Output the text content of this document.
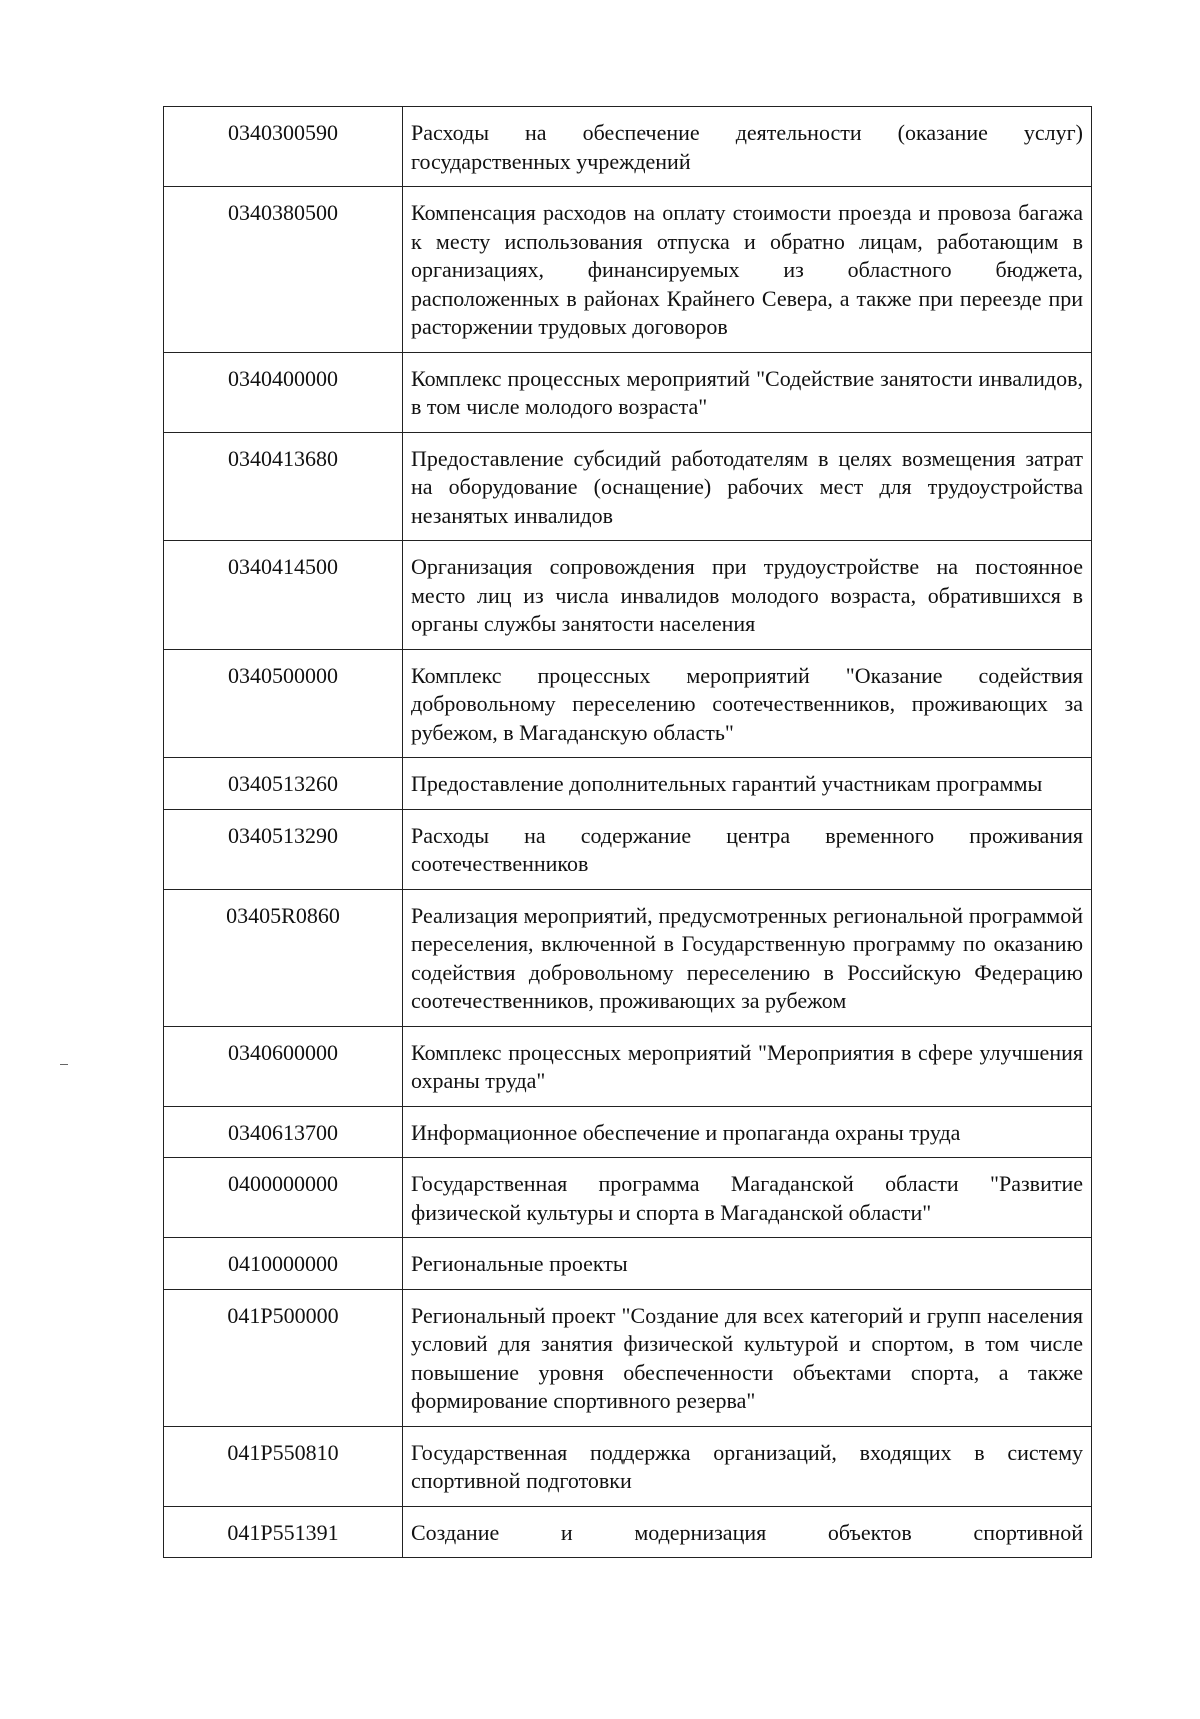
0340300590	Расходы на обеспечение деятельности (оказание услуг) государственных учреждений
0340380500	Компенсация расходов на оплату стоимости проезда и провоза багажа к месту использования отпуска и обратно лицам, работающим в организациях, финансируемых из областного бюджета, расположенных в районах Крайнего Севера, а также при переезде при расторжении трудовых договоров
0340400000	Комплекс процессных мероприятий "Содействие занятости инвалидов, в том числе молодого возраста"
0340413680	Предоставление субсидий работодателям в целях возмещения затрат на оборудование (оснащение) рабочих мест для трудоустройства незанятых инвалидов
0340414500	Организация сопровождения при трудоустройстве на постоянное место лиц из числа инвалидов молодого возраста, обратившихся в органы службы занятости населения
0340500000	Комплекс процессных мероприятий "Оказание содействия добровольному переселению соотечественников, проживающих за рубежом, в Магаданскую область"
0340513260	Предоставление дополнительных гарантий участникам программы
0340513290	Расходы на содержание центра временного проживания соотечественников
03405R0860	Реализация мероприятий, предусмотренных региональной программой переселения, включенной в Государственную программу по оказанию содействия добровольному переселению в Российскую Федерацию соотечественников, проживающих за рубежом
0340600000	Комплекс процессных мероприятий "Мероприятия в сфере улучшения охраны труда"
0340613700	Информационное обеспечение и пропаганда охраны труда
0400000000	Государственная программа Магаданской области "Развитие физической культуры и спорта в Магаданской области"
0410000000	Региональные проекты
041P500000	Региональный проект "Создание для всех категорий и групп населения условий для занятия физической культурой и спортом, в том числе повышение уровня обеспеченности объектами спорта, а также формирование спортивного резерва"
041P550810	Государственная поддержка организаций, входящих в систему спортивной подготовки
041P551391	Создание и модернизация объектов спортивной
